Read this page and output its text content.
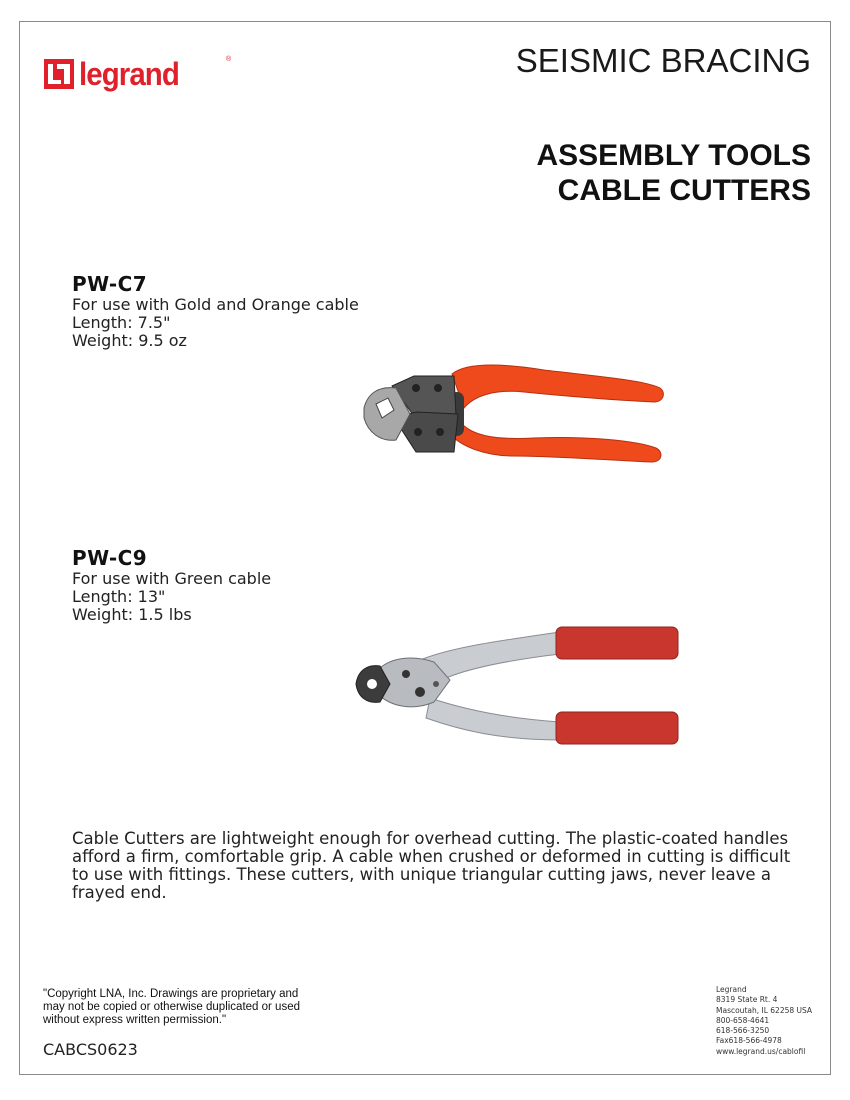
legrand	®	SEISMIC BRACING
ASSEMBLY TOOLS
CABLE CUTTERS
PW-C7
For use with Gold and Orange cable
Length: 7.5"
Weight: 9.5 oz
PW-C9
For use with Green cable
Length: 13"
Weight: 1.5 lbs
Cable Cutters are lightweight enough for overhead cutting. The plastic-coated handles afford a firm, comfortable grip. A cable when crushed or deformed in cutting is difficult to use with fittings. These cutters, with unique triangular cutting jaws, never leave a frayed end.
"Copyright LNA, Inc. Drawings are proprietary and may not be copied or otherwise duplicated or used without express written permission."
CABCS0623
Legrand
8319 State Rt. 4
Mascoutah, IL 62258 USA
800-658-4641
618-566-3250
Fax618-566-4978
www.legrand.us/cablofil
